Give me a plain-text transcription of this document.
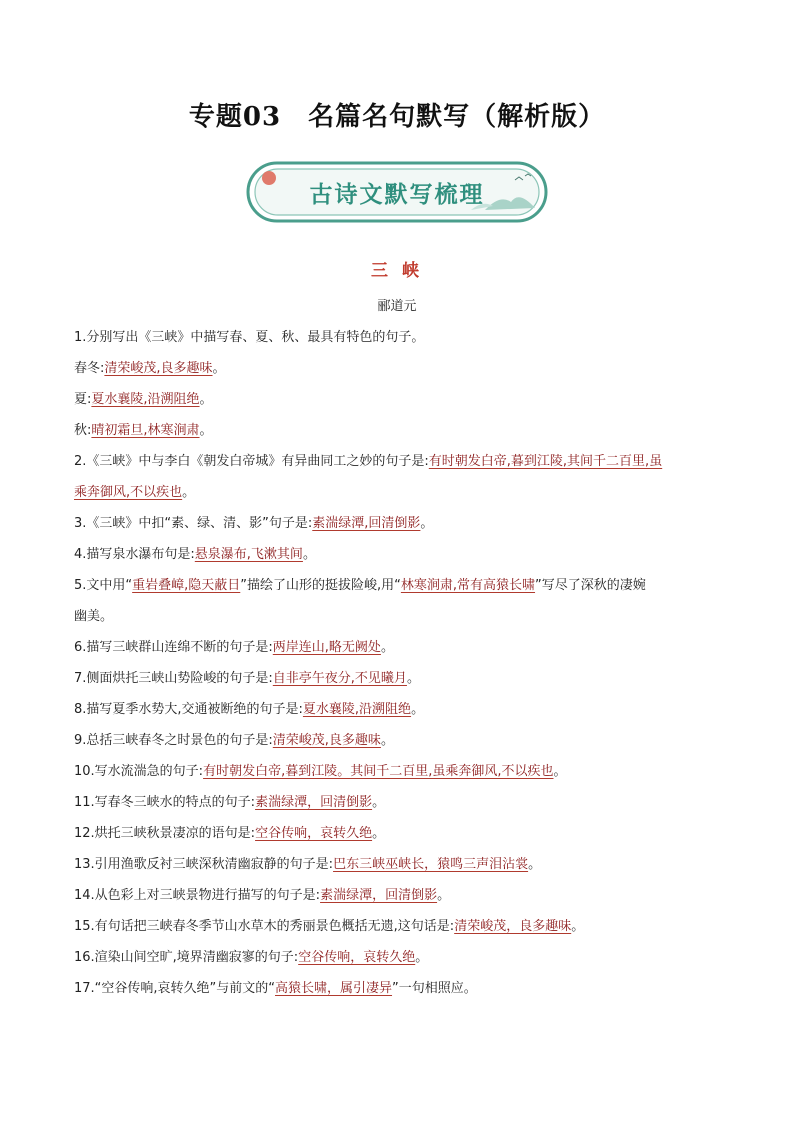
专题03　名篇名句默写（解析版）
古诗文默写梳理
三 峡
郦道元
1.分别写出《三峡》中描写春、夏、秋、最具有特色的句子。
春冬:清荣峻茂,良多趣味。
夏:夏水襄陵,沿溯阻绝。
秋:晴初霜旦,林寒涧肃。
2.《三峡》中与李白《朝发白帝城》有异曲同工之妙的句子是:有时朝发白帝,暮到江陵,其间千二百里,虽
乘奔御风,不以疾也。
3.《三峡》中扣“素、绿、清、影”句子是:素湍绿潭,回清倒影。
4.描写泉水瀑布句是:悬泉瀑布,飞漱其间。
5.文中用“重岩叠嶂,隐天蔽日”描绘了山形的挺拔险峻,用“林寒涧肃,常有高猿长啸”写尽了深秋的凄婉
幽美。
6.描写三峡群山连绵不断的句子是:两岸连山,略无阙处。
7.侧面烘托三峡山势险峻的句子是:自非亭午夜分,不见曦月。
8.描写夏季水势大,交通被断绝的句子是:夏水襄陵,沿溯阻绝。
9.总括三峡春冬之时景色的句子是:清荣峻茂,良多趣味。
10.写水流湍急的句子:有时朝发白帝,暮到江陵。其间千二百里,虽乘奔御风,不以疾也。
11.写春冬三峡水的特点的句子:素湍绿潭，回清倒影。
12.烘托三峡秋景凄凉的语句是:空谷传响，哀转久绝。
13.引用渔歌反衬三峡深秋清幽寂静的句子是:巴东三峡巫峡长，猿鸣三声泪沾裳。
14.从色彩上对三峡景物进行描写的句子是:素湍绿潭，回清倒影。
15.有句话把三峡春冬季节山水草木的秀丽景色概括无遗,这句话是:清荣峻茂，良多趣味。
16.渲染山间空旷,境界清幽寂寥的句子:空谷传响，哀转久绝。
17.“空谷传响,哀转久绝”与前文的“高猿长啸，属引凄异”一句相照应。
